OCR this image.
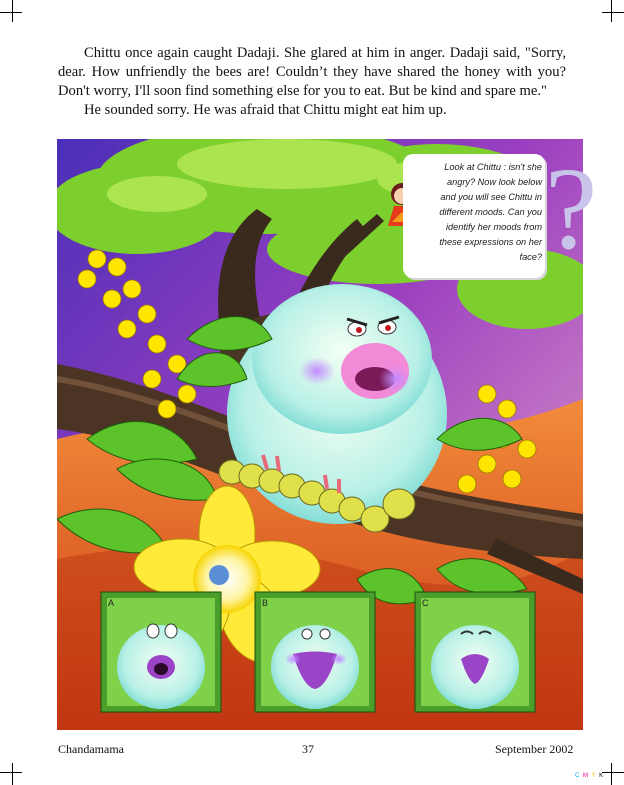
Chittu once again caught Dadaji. She glared at him in anger. Dadaji said, "Sorry, dear. How unfriendly the bees are! Couldn’t they have shared the honey with you? Don't worry, I'll soon find something else for you to eat. But be kind and spare me."

He sounded sorry. He was afraid that Chittu might eat him up.

Look at Chittu : isn't she angry? Now look below and you will see Chittu in different moods. Can you identify her moods from these expressions on her face? ?
A	B	C
Chandamama	37	September 2002
C M Y K
